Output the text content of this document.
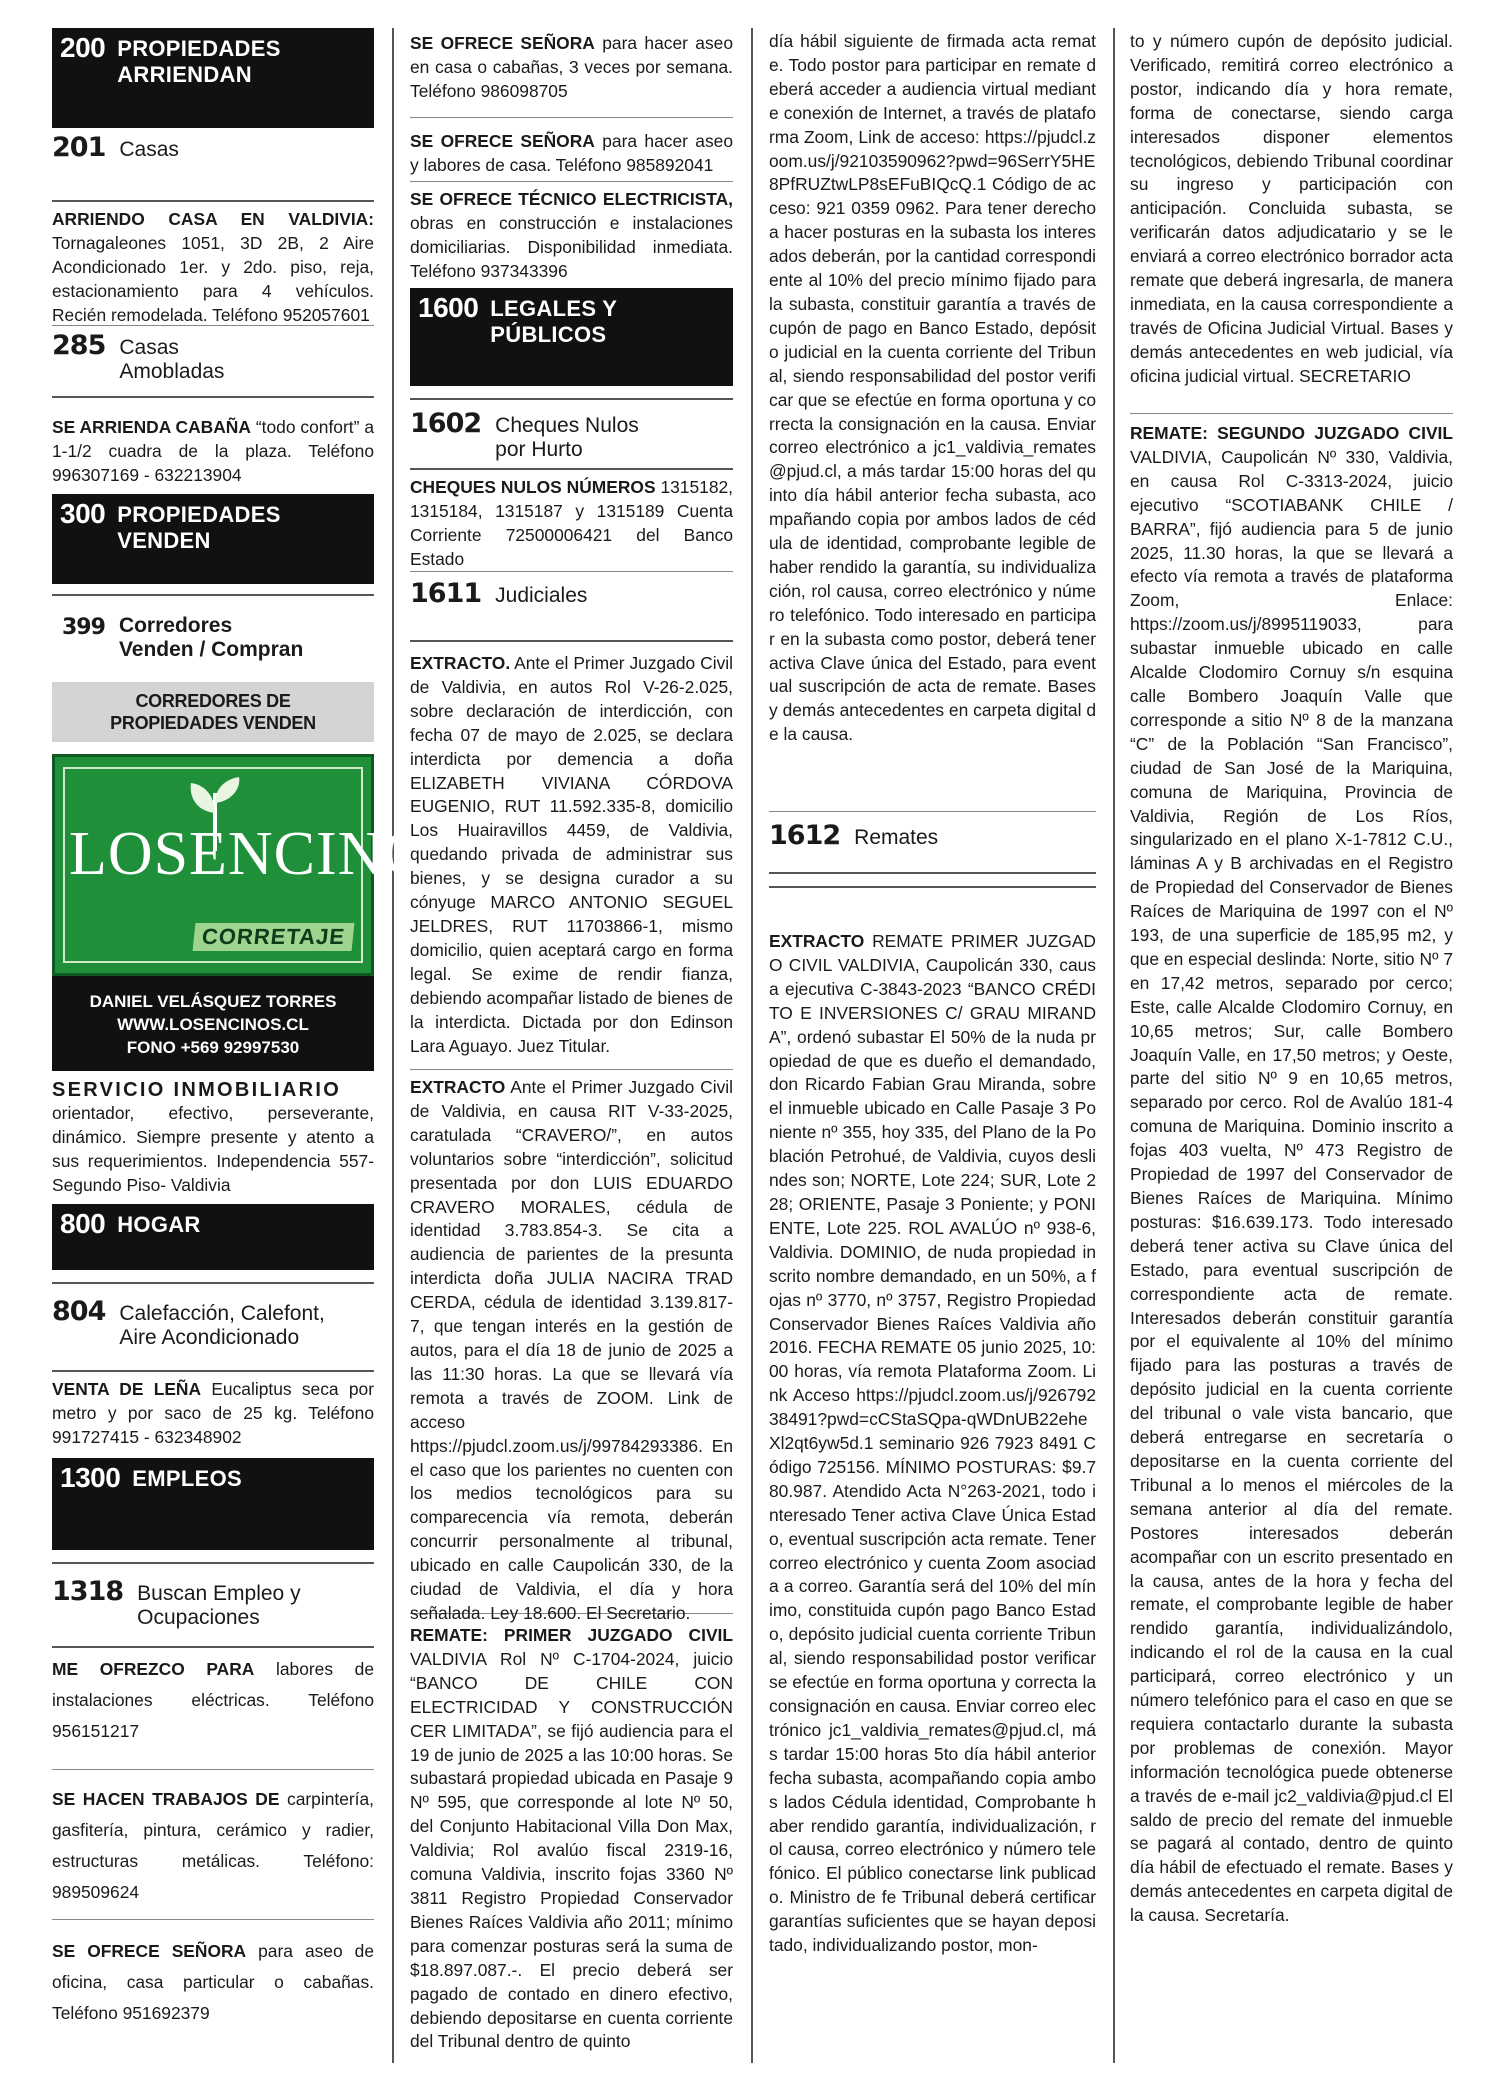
200 PROPIEDADES
ARRIENDAN
201 Casas

ARRIENDO CASA EN VALDIVIA: Tornagaleones 1051, 3D 2B, 2 Aire Acondicionado 1er. y 2do. piso, reja, estacionamiento para 4 vehículos. Recién remodelada. Teléfono 952057601

285 Casas
Amobladas

SE ARRIENDA CABAÑA “todo confort” a 1-1/2 cuadra de la plaza. Teléfono 996307169 - 632213904

300 PROPIEDADES
VENDEN
399 Corredores
Venden / Compran
CORREDORES DE
PROPIEDADES VENDEN
LOS ENCINOS
CORRETAJE
DANIEL VELÁSQUEZ TORRES
WWW.LOSENCINOS.CL
FONO +569 92997530
SERVICIO INMOBILIARIO

orientador, efectivo, perseverante, dinámico. Siempre presente y atento a sus requerimientos. Independencia 557- Segundo Piso- Valdivia

800 HOGAR
804 Calefacción, Calefont,
Aire Acondicionado

VENTA DE LEÑA Eucaliptus seca por metro y por saco de 25 kg. Teléfono 991727415 - 632348902

1300 EMPLEOS
1318 Buscan Empleo y
Ocupaciones

ME OFREZCO PARA labores de instalaciones eléctricas. Teléfono 956151217

SE HACEN TRABAJOS DE carpintería, gasfitería, pintura, cerámico y radier, estructuras metálicas. Teléfono: 989509624

SE OFRECE SEÑORA para aseo de oficina, casa particular o cabañas. Teléfono 951692379

SE OFRECE SEÑORA para hacer aseo en casa o cabañas, 3 veces por semana. Teléfono 986098705

SE OFRECE SEÑORA para hacer aseo y labores de casa. Teléfono 985892041

SE OFRECE TÉCNICO ELECTRICISTA, obras en construcción e instalaciones domiciliarias. Disponibilidad inmediata. Teléfono 937343396

1600 LEGALES Y
PÚBLICOS
1602 Cheques Nulos
por Hurto

CHEQUES NULOS NÚMEROS 1315182, 1315184, 1315187 y 1315189 Cuenta Corriente 72500006421 del Banco Estado

1611 Judiciales

EXTRACTO. Ante el Primer Juzgado Civil de Valdivia, en autos Rol V-26-2.025, sobre declaración de interdicción, con fecha 07 de mayo de 2.025, se declara interdicta por demencia a doña ELIZABETH VIVIANA CÓRDOVA EUGENIO, RUT 11.592.335-8, domicilio Los Huairavillos 4459, de Valdivia, quedando privada de administrar sus bienes, y se designa curador a su cónyuge MARCO ANTONIO SEGUEL JELDRES, RUT 11703866-1, mismo domicilio, quien aceptará cargo en forma legal. Se exime de rendir fianza, debiendo acompañar listado de bienes de la interdicta. Dictada por don Edinson Lara Aguayo. Juez Titular.

EXTRACTO Ante el Primer Juzgado Civil de Valdivia, en causa RIT V-33-2025, caratulada “CRAVERO/”, en autos voluntarios sobre “interdicción”, solicitud presentada por don LUIS EDUARDO CRAVERO MORALES, cédula de identidad 3.783.854-3. Se cita a audiencia de parientes de la presunta interdicta doña JULIA NACIRA TRAD CERDA, cédula de identidad 3.139.817-7, que tengan interés en la gestión de autos, para el día 18 de junio de 2025 a las 11:30 horas. La que se llevará vía remota a través de ZOOM. Link de acceso https://pjudcl.zoom.us/j/99784293386. En el caso que los parientes no cuenten con los medios tecnológicos para su comparecencia vía remota, deberán concurrir personalmente al tribunal, ubicado en calle Caupolicán 330, de la ciudad de Valdivia, el día y hora señalada. Ley 18.600. El Secretario.

REMATE: PRIMER JUZGADO CIVIL VALDIVIA Rol Nº C-1704-2024, juicio “BANCO DE CHILE CON ELECTRICIDAD Y CONSTRUCCIÓN CER LIMITADA”, se fijó audiencia para el 19 de junio de 2025 a las 10:00 horas. Se subastará propiedad ubicada en Pasaje 9 Nº 595, que corresponde al lote Nº 50, del Conjunto Habitacional Villa Don Max, Valdivia; Rol avalúo fiscal 2319-16, comuna Valdivia, inscrito fojas 3360 Nº 3811 Registro Propiedad Conservador Bienes Raíces Valdivia año 2011; mínimo para comenzar posturas será la suma de $18.897.087.-. El precio deberá ser pagado de contado en dinero efectivo, debiendo depositarse en cuenta corriente del Tribunal dentro de quinto

día hábil siguiente de firmada acta remate. Todo postor para participar en remate deberá acceder a audiencia virtual mediante conexión de Internet, a través de plataforma Zoom, Link de acceso: https://pjudcl.zoom.us/j/92103590962?pwd=96SerrY5HE8PfRUZtwLP8sEFuBIQcQ.1 Código de acceso: 921 0359 0962. Para tener derecho a hacer posturas en la subasta los interesados deberán, por la cantidad correspondiente al 10% del precio mínimo fijado para la subasta, constituir garantía a través de cupón de pago en Banco Estado, depósito judicial en la cuenta corriente del Tribunal, siendo responsabilidad del postor verificar que se efectúe en forma oportuna y correcta la consignación en la causa. Enviar correo electrónico a jc1_valdivia_remates@pjud.cl, a más tardar 15:00 horas del quinto día hábil anterior fecha subasta, acompañando copia por ambos lados de cédula de identidad, comprobante legible de haber rendido la garantía, su individualización, rol causa, correo electrónico y número telefónico. Todo interesado en participar en la subasta como postor, deberá tener activa Clave única del Estado, para eventual suscripción de acta de remate. Bases y demás antecedentes en carpeta digital de la causa.

1612 Remates

EXTRACTO REMATE PRIMER JUZGADO CIVIL VALDIVIA, Caupolicán 330, causa ejecutiva C-3843-2023 “BANCO CRÉDITO E INVERSIONES C/ GRAU MIRANDA”, ordenó subastar El 50% de la nuda propiedad de que es dueño el demandado, don Ricardo Fabian Grau Miranda, sobre el inmueble ubicado en Calle Pasaje 3 Poniente nº 355, hoy 335, del Plano de la Población Petrohué, de Valdivia, cuyos deslindes son; NORTE, Lote 224; SUR, Lote 228; ORIENTE, Pasaje 3 Poniente; y PONIENTE, Lote 225. ROL AVALÚO nº 938-6, Valdivia. DOMINIO, de nuda propiedad inscrito nombre demandado, en un 50%, a fojas nº 3770, nº 3757, Registro Propiedad Conservador Bienes Raíces Valdivia año 2016. FECHA REMATE 05 junio 2025, 10:00 horas, vía remota Plataforma Zoom. Link Acceso https://pjudcl.zoom.us/j/92679238491?pwd=cCStaSQpa-qWDnUB22eheXl2qt6yw5d.1 seminario 926 7923 8491 Código 725156. MÍNIMO POSTURAS: $9.780.987. Atendido Acta N°263-2021, todo interesado Tener activa Clave Única Estado, eventual suscripción acta remate. Tener correo electrónico y cuenta Zoom asociada a correo. Garantía será del 10% del mínimo, constituida cupón pago Banco Estado, depósito judicial cuenta corriente Tribunal, siendo responsabilidad postor verificar se efectúe en forma oportuna y correcta la consignación en causa. Enviar correo electrónico jc1_valdivia_remates@pjud.cl, más tardar 15:00 horas 5to día hábil anterior fecha subasta, acompañando copia ambos lados Cédula identidad, Comprobante haber rendido garantía, individualización, rol causa, correo electrónico y número telefónico. El público conectarse link publicado. Ministro de fe Tribunal deberá certificar garantías suficientes que se hayan depositado, individualizando postor, mon-

to y número cupón de depósito judicial. Verificado, remitirá correo electrónico a postor, indicando día y hora remate, forma de conectarse, siendo carga interesados disponer elementos tecnológicos, debiendo Tribunal coordinar su ingreso y participación con anticipación. Concluida subasta, se verificarán datos adjudicatario y se le enviará a correo electrónico borrador acta remate que deberá ingresarla, de manera inmediata, en la causa correspondiente a través de Oficina Judicial Virtual. Bases y demás antecedentes en web judicial, vía oficina judicial virtual. SECRETARIO

REMATE: SEGUNDO JUZGADO CIVIL VALDIVIA, Caupolicán Nº 330, Valdivia, en causa Rol C-3313-2024, juicio ejecutivo “SCOTIABANK CHILE / BARRA”, fijó audiencia para 5 de junio 2025, 11.30 horas, la que se llevará a efecto vía remota a través de plataforma Zoom, Enlace: https://zoom.us/j/8995119033, para subastar inmueble ubicado en calle Alcalde Clodomiro Cornuy s/n esquina calle Bombero Joaquín Valle que corresponde a sitio Nº 8 de la manzana “C” de la Población “San Francisco”, ciudad de San José de la Mariquina, comuna de Mariquina, Provincia de Valdivia, Región de Los Ríos, singularizado en el plano X-1-7812 C.U., láminas A y B archivadas en el Registro de Propiedad del Conservador de Bienes Raíces de Mariquina de 1997 con el Nº 193, de una superficie de 185,95 m2, y que en especial deslinda: Norte, sitio Nº 7 en 17,42 metros, separado por cerco; Este, calle Alcalde Clodomiro Cornuy, en 10,65 metros; Sur, calle Bombero Joaquín Valle, en 17,50 metros; y Oeste, parte del sitio Nº 9 en 10,65 metros, separado por cerco. Rol de Avalúo 181-4 comuna de Mariquina. Dominio inscrito a fojas 403 vuelta, Nº 473 Registro de Propiedad de 1997 del Conservador de Bienes Raíces de Mariquina. Mínimo posturas: $16.639.173. Todo interesado deberá tener activa su Clave única del Estado, para eventual suscripción de correspondiente acta de remate. Interesados deberán constituir garantía por el equivalente al 10% del mínimo fijado para las posturas a través de depósito judicial en la cuenta corriente del tribunal o vale vista bancario, que deberá entregarse en secretaría o depositarse en la cuenta corriente del Tribunal a lo menos el miércoles de la semana anterior al día del remate. Postores interesados deberán acompañar con un escrito presentado en la causa, antes de la hora y fecha del remate, el comprobante legible de haber rendido garantía, individualizándolo, indicando el rol de la causa en la cual participará, correo electrónico y un número telefónico para el caso en que se requiera contactarlo durante la subasta por problemas de conexión. Mayor información tecnológica puede obtenerse a través de e-mail jc2_valdivia@pjud.cl El saldo de precio del remate del inmueble se pagará al contado, dentro de quinto día hábil de efectuado el remate. Bases y demás antecedentes en carpeta digital de la causa. Secretaría.
